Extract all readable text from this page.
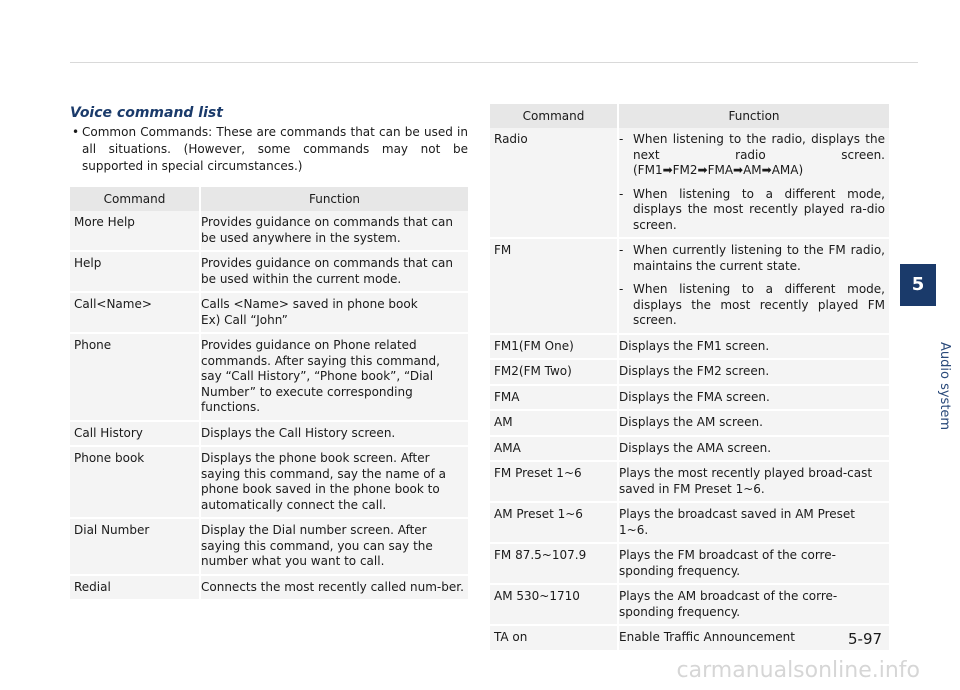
Voice command list
• Common Commands: These are commands that can be used in all situations. (However, some commands may not be supported in special circumstances.)
Command	Function
More Help	Provides guidance on commands that can be used anywhere in the system.

Help	Provides guidance on commands that can be used within the current mode.

Call<Name>	Calls <Name> saved in phone book
Ex) Call “John”

Phone	Provides guidance on Phone related commands. After saying this command, say “Call History”, “Phone book”, “Dial Number” to execute corresponding functions.

Call History	Displays the Call History screen.

Phone book	Displays the phone book screen. After saying this command, say the name of a phone book saved in the phone book to automatically connect the call.

Dial Number	Display the Dial number screen. After saying this command, you can say the number what you want to call.

Redial	Connects the most recently called num-ber.
Command	Function
Radio	- When listening to the radio, displays the next radio screen. (FM1➡FM2➡FMA➡AM➡AMA)
- When listening to a different mode, displays the most recently played ra-dio screen.

FM	- When currently listening to the FM radio, maintains the current state.
- When listening to a different mode, displays the most recently played FM screen.

FM1(FM One)	Displays the FM1 screen.

FM2(FM Two)	Displays the FM2 screen.

FMA	Displays the FMA screen.

AM	Displays the AM screen.

AMA	Displays the AMA screen.

FM Preset 1~6	Plays the most recently played broad-cast saved in FM Preset 1~6.

AM Preset 1~6	Plays the broadcast saved in AM Preset 1~6.

FM 87.5~107.9	Plays the FM broadcast of the corre-sponding frequency.

AM 530~1710	Plays the AM broadcast of the corre-sponding frequency.

TA on	Enable Traffic Announcement
5
Audio system
5-97
carmanualsonline.info
